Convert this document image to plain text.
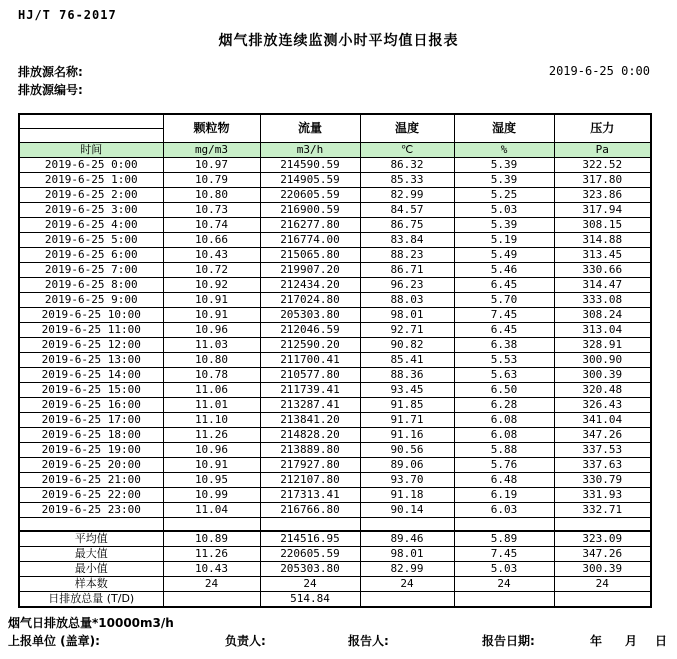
HJ/T 76-2017
烟气排放连续监测小时平均值日报表
排放源名称:
排放源编号:
2019-6-25 0:00
	颗粒物	流量	温度	湿度	压力

时间	mg/m3	m3/h	℃	%	Pa
2019-6-25 0:00	10.97	214590.59	86.32	5.39	322.52
2019-6-25 1:00	10.79	214905.59	85.33	5.39	317.80
2019-6-25 2:00	10.80	220605.59	82.99	5.25	323.86
2019-6-25 3:00	10.73	216900.59	84.57	5.03	317.94
2019-6-25 4:00	10.74	216277.80	86.75	5.39	308.15
2019-6-25 5:00	10.66	216774.00	83.84	5.19	314.88
2019-6-25 6:00	10.43	215065.80	88.23	5.49	313.45
2019-6-25 7:00	10.72	219907.20	86.71	5.46	330.66
2019-6-25 8:00	10.92	212434.20	96.23	6.45	314.47
2019-6-25 9:00	10.91	217024.80	88.03	5.70	333.08
2019-6-25 10:00	10.91	205303.80	98.01	7.45	308.24
2019-6-25 11:00	10.96	212046.59	92.71	6.45	313.04
2019-6-25 12:00	11.03	212590.20	90.82	6.38	328.91
2019-6-25 13:00	10.80	211700.41	85.41	5.53	300.90
2019-6-25 14:00	10.78	210577.80	88.36	5.63	300.39
2019-6-25 15:00	11.06	211739.41	93.45	6.50	320.48
2019-6-25 16:00	11.01	213287.41	91.85	6.28	326.43
2019-6-25 17:00	11.10	213841.20	91.71	6.08	341.04
2019-6-25 18:00	11.26	214828.20	91.16	6.08	347.26
2019-6-25 19:00	10.96	213889.80	90.56	5.88	337.53
2019-6-25 20:00	10.91	217927.80	89.06	5.76	337.63
2019-6-25 21:00	10.95	212107.80	93.70	6.48	330.79
2019-6-25 22:00	10.99	217313.41	91.18	6.19	331.93
2019-6-25 23:00	11.04	216766.80	90.14	6.03	332.71

平均值	10.89	214516.95	89.46	5.89	323.09
最大值	11.26	220605.59	98.01	7.45	347.26
最小值	10.43	205303.80	82.99	5.03	300.39
样本数	24	24	24	24	24
日排放总量 (T/D)		514.84			
烟气日排放总量*10000m3/h
上报单位 (盖章):	负责人:	报告人:	报告日期:	年 月 日
